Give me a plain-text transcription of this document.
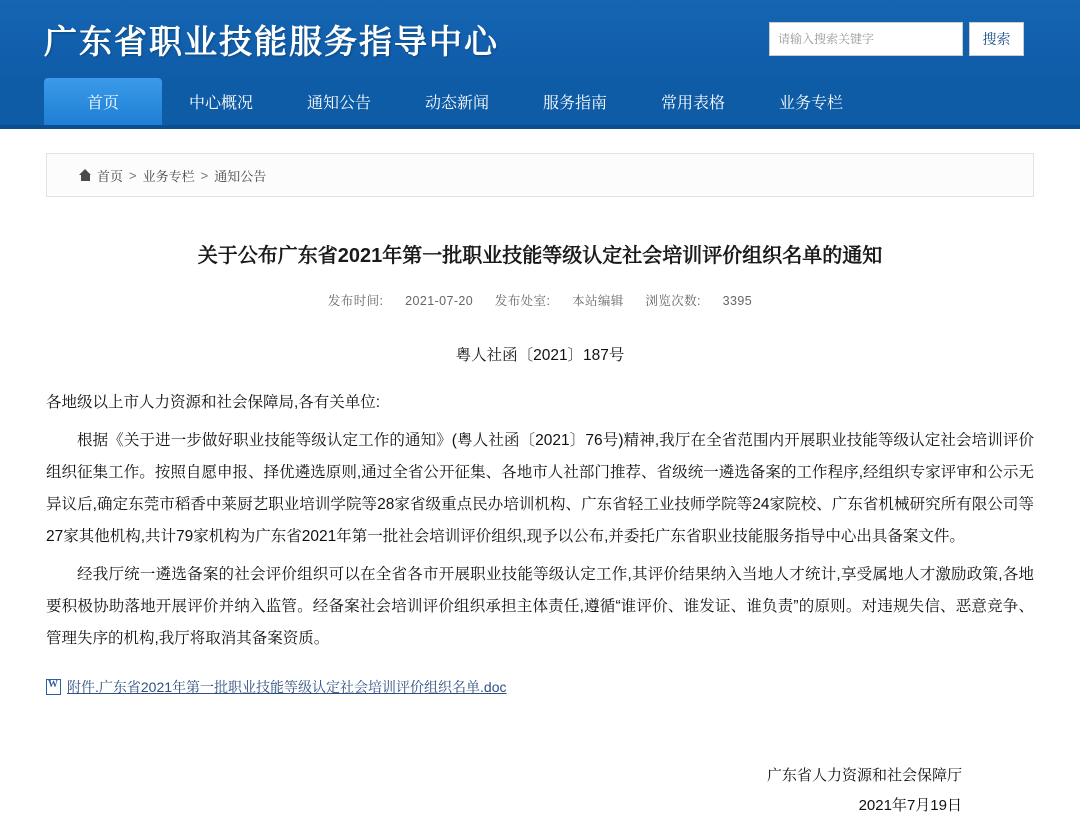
广东省职业技能服务指导中心
请输入搜索关键字	搜索
首页	中心概况	通知公告	动态新闻	服务指南	常用表格	业务专栏
首页 > 业务专栏 > 通知公告
关于公布广东省2021年第一批职业技能等级认定社会培训评价组织名单的通知
发布时间: 2021-07-20 发布处室: 本站编辑 浏览次数: 3395
粤人社函〔2021〕187号

各地级以上市人力资源和社会保障局,各有关单位:

根据《关于进一步做好职业技能等级认定工作的通知》(粤人社函〔2021〕76号)精神,我厅在全省范围内开展职业技能等级认定社会培训评价组织征集工作。按照自愿申报、择优遴选原则,通过全省公开征集、各地市人社部门推荐、省级统一遴选备案的工作程序,经组织专家评审和公示无异议后,确定东莞市稻香中莱厨艺职业培训学院等28家省级重点民办培训机构、广东省轻工业技师学院等24家院校、广东省机械研究所有限公司等27家其他机构,共计79家机构为广东省2021年第一批社会培训评价组织,现予以公布,并委托广东省职业技能服务指导中心出具备案文件。

经我厅统一遴选备案的社会评价组织可以在全省各市开展职业技能等级认定工作,其评价结果纳入当地人才统计,享受属地人才激励政策,各地要积极协助落地开展评价并纳入监管。经备案社会培训评价组织承担主体责任,遵循“谁评价、谁发证、谁负责”的原则。对违规失信、恶意竞争、管理失序的机构,我厅将取消其备案资质。

W
附件.广东省2021年第一批职业技能等级认定社会培训评价组织名单.doc
广东省人力资源和社会保障厅
2021年7月19日
